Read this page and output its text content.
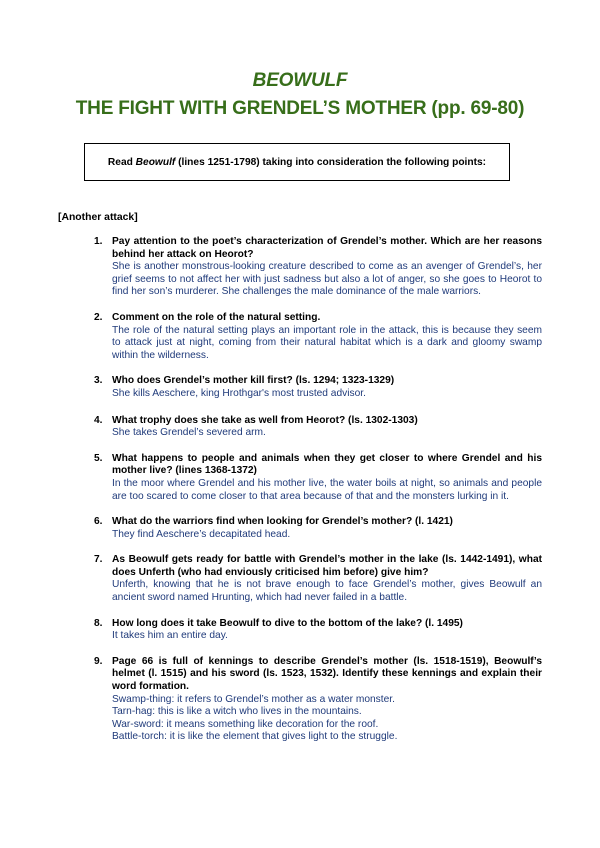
BEOWULF
THE FIGHT WITH GRENDEL’S MOTHER (pp. 69-80)
Read Beowulf (lines 1251-1798) taking into consideration the following points:
[Another attack]
1. Pay attention to the poet’s characterization of Grendel’s mother. Which are her reasons behind her attack on Heorot?
She is another monstrous-looking creature described to come as an avenger of Grendel’s, her grief seems to not affect her with just sadness but also a lot of anger, so she goes to Heorot to find her son’s murderer. She challenges the male dominance of the male warriors.
2. Comment on the role of the natural setting.
The role of the natural setting plays an important role in the attack, this is because they seem to attack just at night, coming from their natural habitat which is a dark and gloomy swamp within the wilderness.
3. Who does Grendel’s mother kill first? (ls. 1294; 1323-1329)
She kills Aeschere, king Hrothgar's most trusted advisor.
4. What trophy does she take as well from Heorot? (ls. 1302-1303)
She takes Grendel’s severed arm.
5. What happens to people and animals when they get closer to where Grendel and his mother live? (lines 1368-1372)
In the moor where Grendel and his mother live, the water boils at night, so animals and people are too scared to come closer to that area because of that and the monsters lurking in it.
6. What do the warriors find when looking for Grendel’s mother? (l. 1421)
They find Aeschere’s decapitated head.
7. As Beowulf gets ready for battle with Grendel’s mother in the lake (ls. 1442-1491), what does Unferth (who had enviously criticised him before) give him?
Unferth, knowing that he is not brave enough to face Grendel’s mother, gives Beowulf an ancient sword named Hrunting, which had never failed in a battle.
8. How long does it take Beowulf to dive to the bottom of the lake? (l. 1495)
It takes him an entire day.
9. Page 66 is full of kennings to describe Grendel’s mother (ls. 1518-1519), Beowulf’s helmet (l. 1515) and his sword (ls. 1523, 1532). Identify these kennings and explain their word formation.
Swamp-thing: it refers to Grendel’s mother as a water monster.
Tarn-hag: this is like a witch who lives in the mountains.
War-sword: it means something like decoration for the roof.
Battle-torch: it is like the element that gives light to the struggle.
